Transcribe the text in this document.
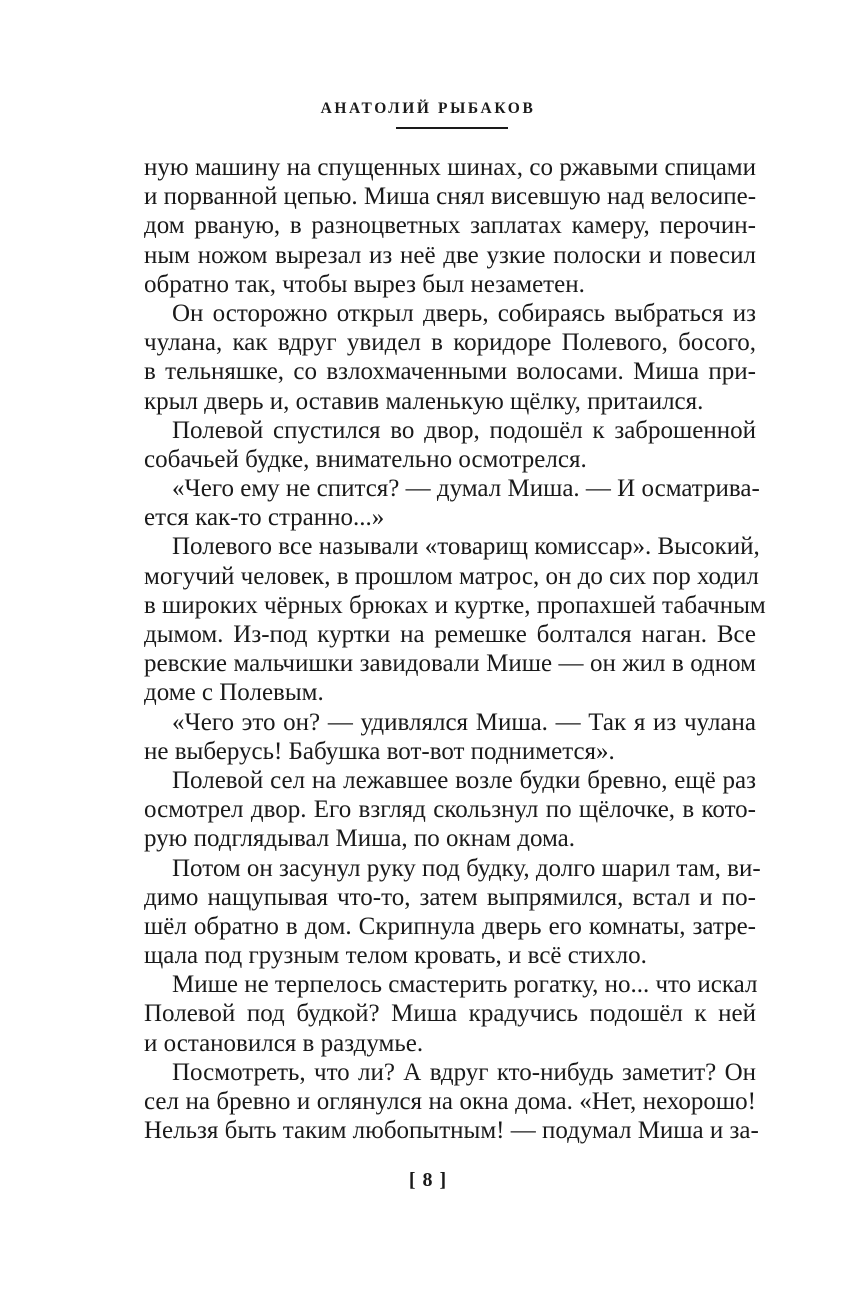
АНАТОЛИЙ РЫБАКОВ
ную машину на спущенных шинах, со ржавыми спицами
и порванной цепью. Миша снял висевшую над велосипе-
дом рваную, в разноцветных заплатах камеру, перочин-
ным ножом вырезал из неё две узкие полоски и повесил
обратно так, чтобы вырез был незаметен.
Он осторожно открыл дверь, собираясь выбраться из
чулана, как вдруг увидел в коридоре Полевого, босого,
в тельняшке, со взлохмаченными волосами. Миша при-
крыл дверь и, оставив маленькую щёлку, притаился.
Полевой спустился во двор, подошёл к заброшенной
собачьей будке, внимательно осмотрелся.
«Чего ему не спится? — думал Миша. — И осматрива-
ется как-то странно...»
Полевого все называли «товарищ комиссар». Высокий,
могучий человек, в прошлом матрос, он до сих пор ходил
в широких чёрных брюках и куртке, пропахшей табачным
дымом. Из-под куртки на ремешке болтался наган. Все
ревские мальчишки завидовали Мише — он жил в одном
доме с Полевым.
«Чего это он? — удивлялся Миша. — Так я из чулана
не выберусь! Бабушка вот-вот поднимется».
Полевой сел на лежавшее возле будки бревно, ещё раз
осмотрел двор. Его взгляд скользнул по щёлочке, в кото-
рую подглядывал Миша, по окнам дома.
Потом он засунул руку под будку, долго шарил там, ви-
димо нащупывая что-то, затем выпрямился, встал и по-
шёл обратно в дом. Скрипнула дверь его комнаты, затре-
щала под грузным телом кровать, и всё стихло.
Мише не терпелось смастерить рогатку, но... что искал
Полевой под будкой? Миша крадучись подошёл к ней
и остановился в раздумье.
Посмотреть, что ли? А вдруг кто-нибудь заметит? Он
сел на бревно и оглянулся на окна дома. «Нет, нехорошо!
Нельзя быть таким любопытным! — подумал Миша и за-
[ 8 ]
